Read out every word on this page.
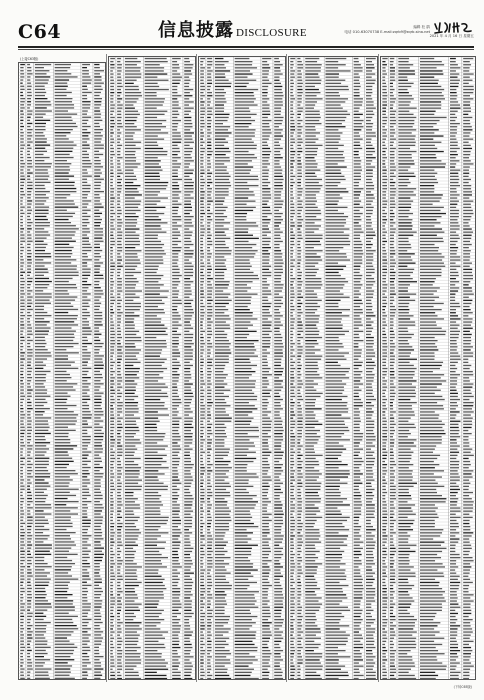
C64	信息披露 DISCLOSURE	编辑 杜 鹃
电话 010-63070738 E-mail:zqrb9@zqrb.sina.net
2021 年 4 月 16 日 星期五
(上接C63版)
(下转C65版)
